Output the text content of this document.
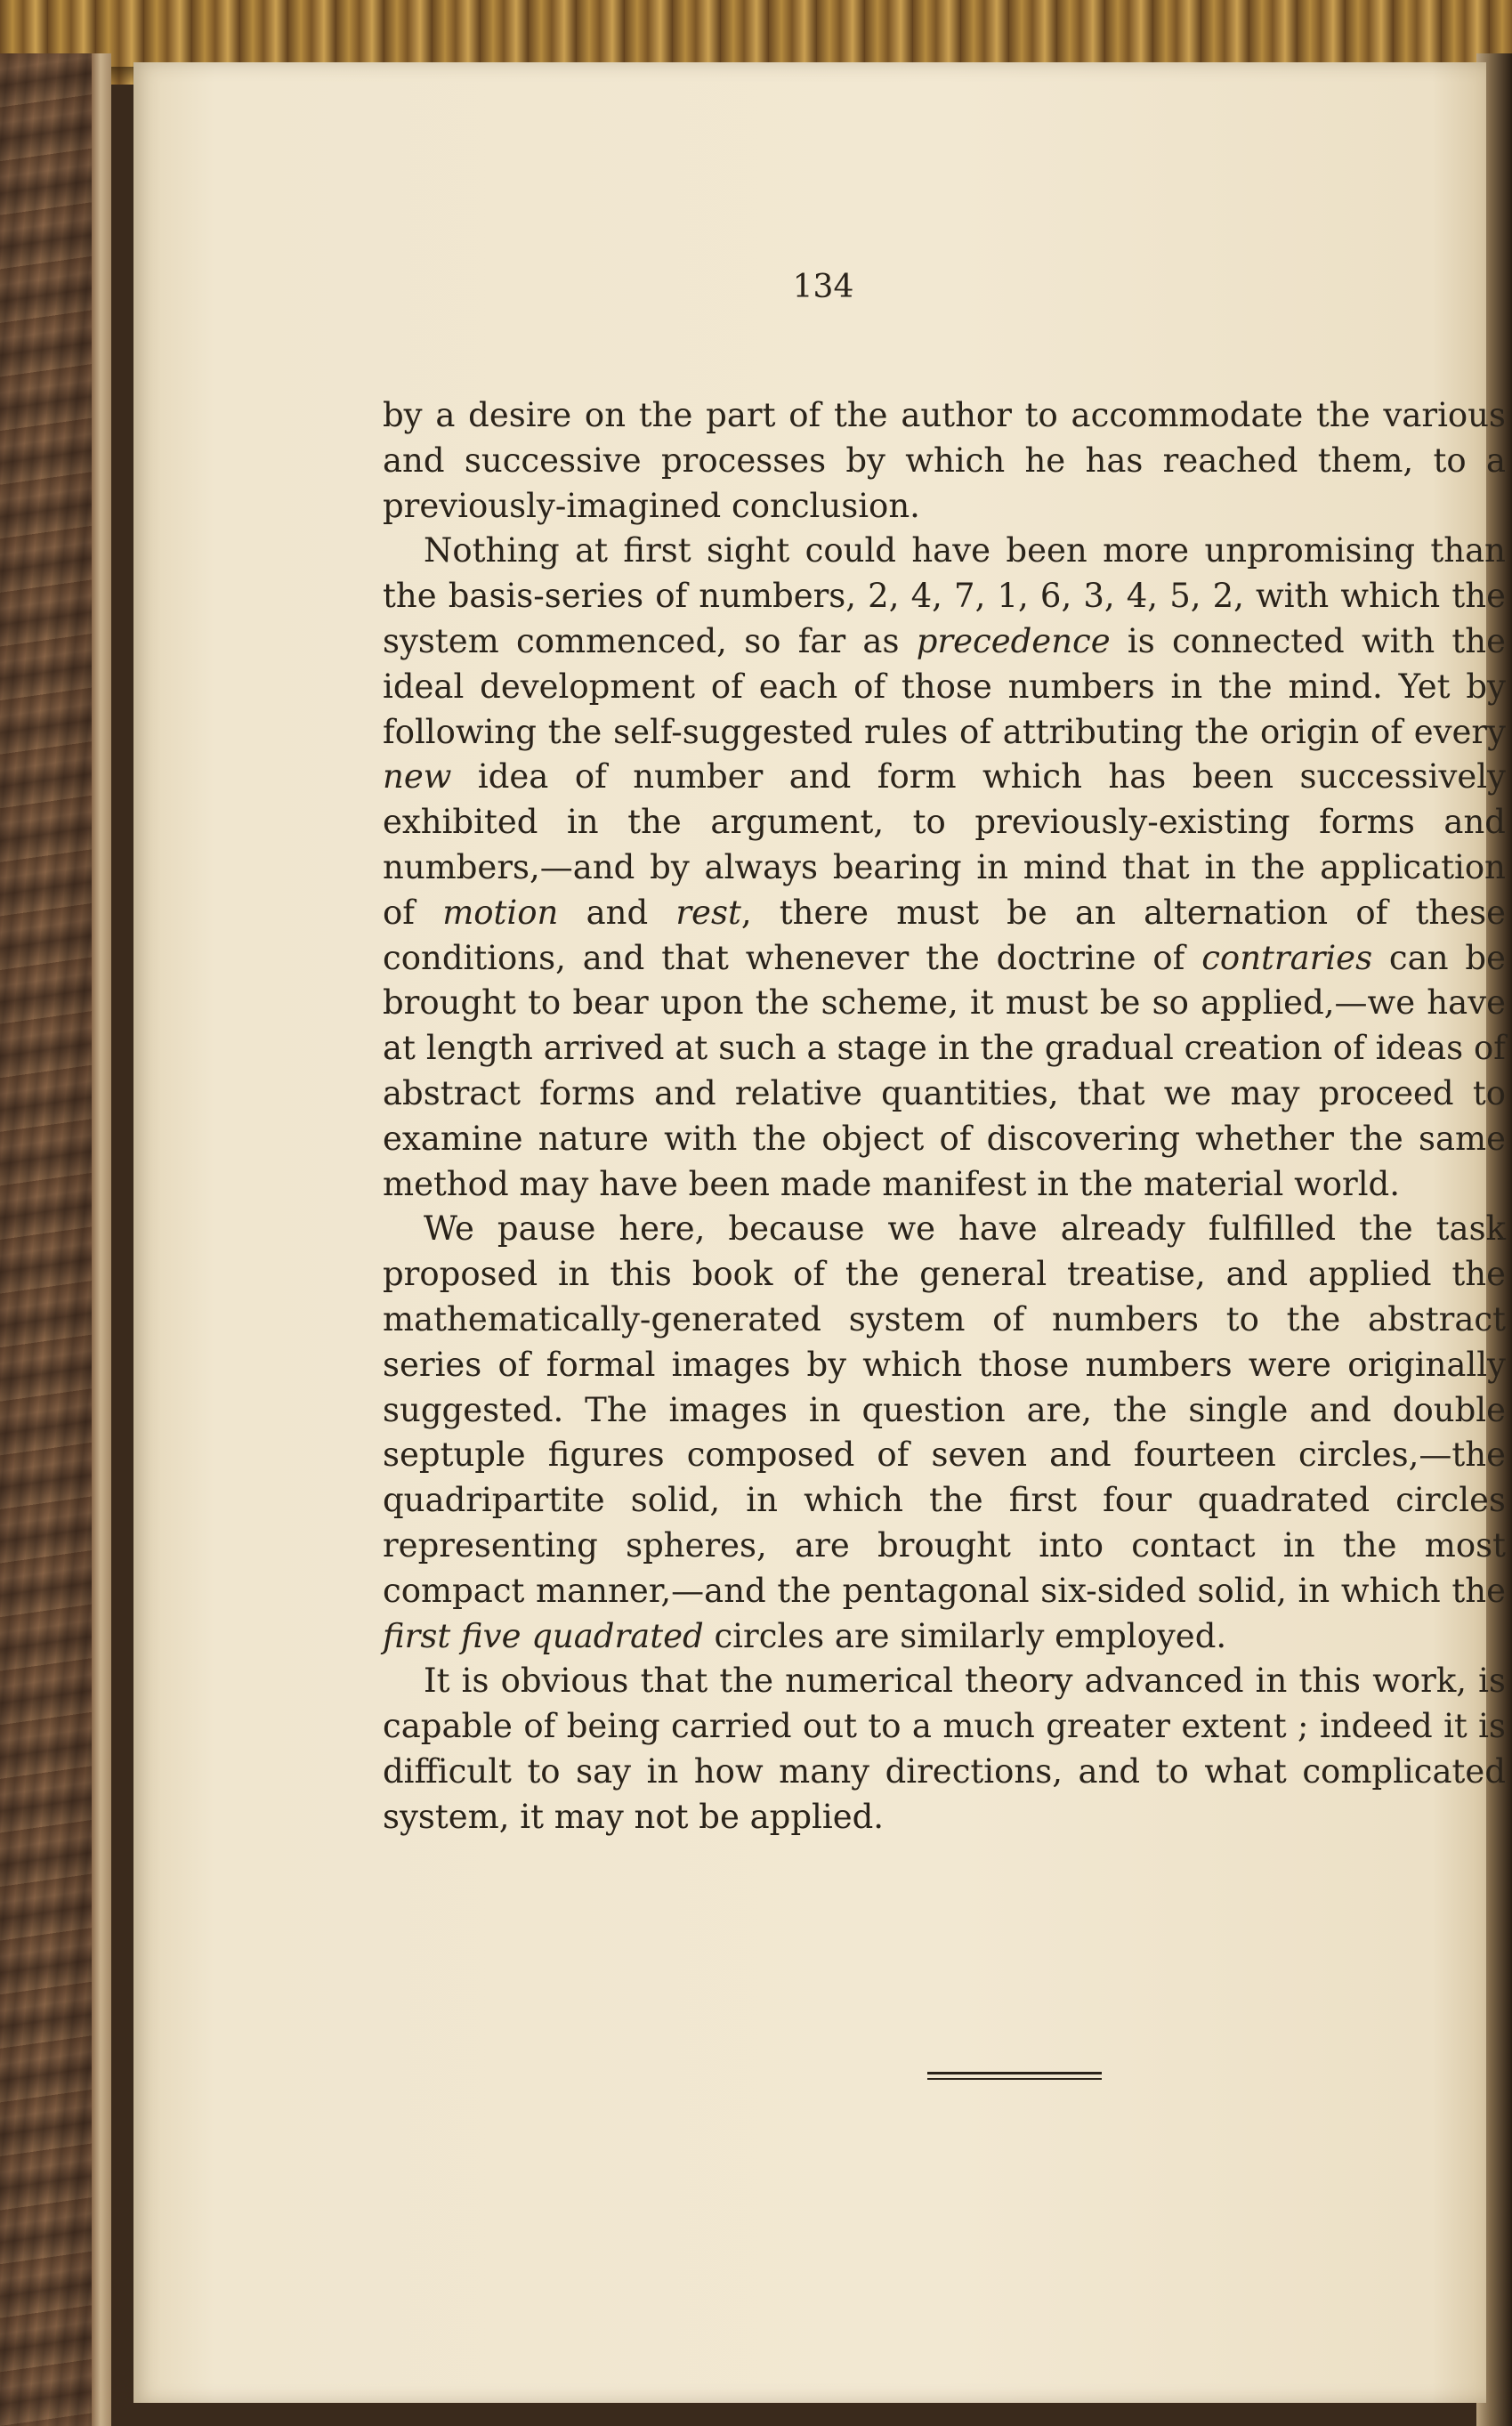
134

by a desire on the part of the author to accommodate the various and successive processes by which he has reached them, to a previously-imagined conclusion.

Nothing at first sight could have been more unpromising than the basis-series of numbers, 2, 4, 7, 1, 6, 3, 4, 5, 2, with which the system commenced, so far as precedence is connected with the ideal development of each of those numbers in the mind. Yet by following the self-suggested rules of attributing the origin of every new idea of number and form which has been successively exhibited in the argument, to previously-existing forms and numbers,—and by always bearing in mind that in the application of motion and rest, there must be an alternation of these conditions, and that whenever the doctrine of contraries can be brought to bear upon the scheme, it must be so applied,—we have at length arrived at such a stage in the gradual creation of ideas of abstract forms and relative quantities, that we may proceed to examine nature with the object of discovering whether the same method may have been made manifest in the material world.

We pause here, because we have already fulfilled the task proposed in this book of the general treatise, and applied the mathematically-generated system of numbers to the abstract series of formal images by which those numbers were originally suggested. The images in question are, the single and double septuple figures composed of seven and fourteen circles,—the quadripartite solid, in which the first four quadrated circles representing spheres, are brought into contact in the most compact manner,—and the pentagonal six-sided solid, in which the first five quadrated circles are similarly employed.

It is obvious that the numerical theory advanced in this work, is capable of being carried out to a much greater extent ; indeed it is difficult to say in how many directions, and to what complicated system, it may not be applied.
